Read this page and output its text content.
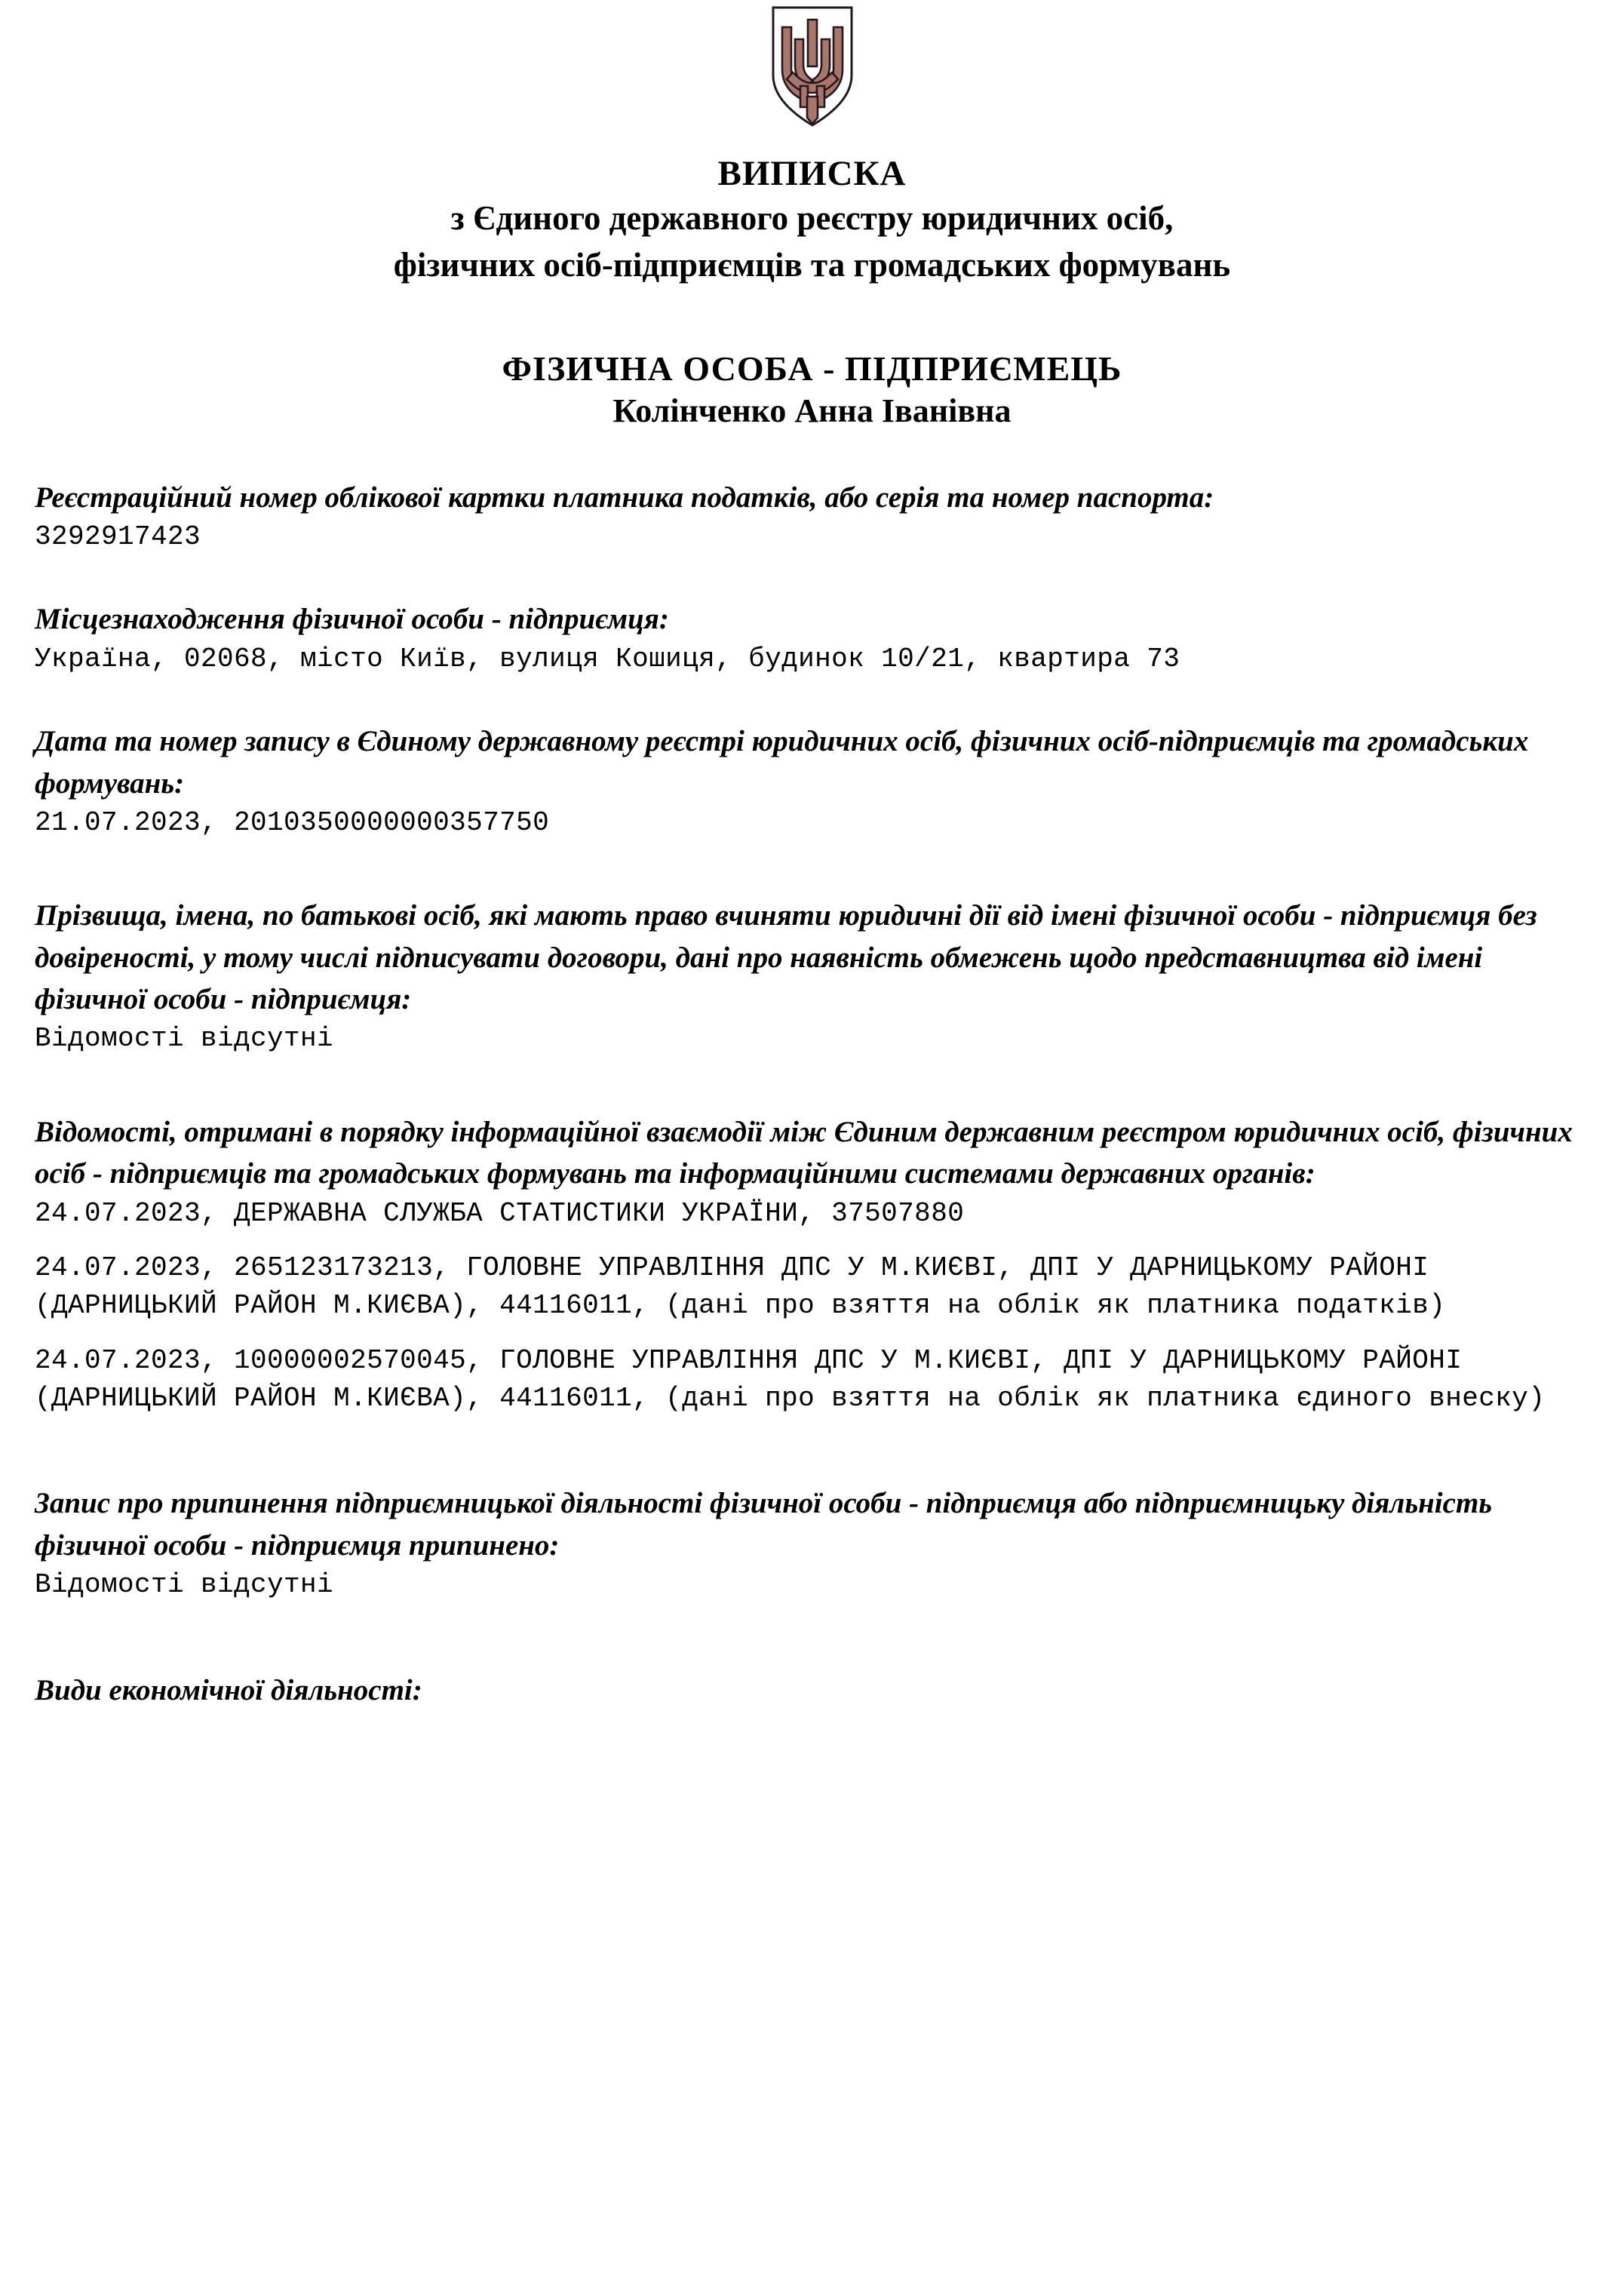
ВИПИСКА
з Єдиного державного реєстру юридичних осіб,
фізичних осіб-підприємців та громадських формувань
ФІЗИЧНА ОСОБА - ПІДПРИЄМЕЦЬ
Колінченко Анна Іванівна
Реєстраційний номер облікової картки платника податків, або серія та номер паспорта:
3292917423
Місцезнаходження фізичної особи - підприємця:
Україна, 02068, місто Київ, вулиця Кошиця, будинок 10/21, квартира 73
Дата та номер запису в Єдиному державному реєстрі юридичних осіб, фізичних осіб-підприємців та громадських формувань:
21.07.2023, 2010350000000357750
Прізвища, імена, по батькові осіб, які мають право вчиняти юридичні дії від імені фізичної особи - підприємця без довіреності, у тому числі підписувати договори, дані про наявність обмежень щодо представництва від імені фізичної особи - підприємця:
Відомості відсутні
Відомості, отримані в порядку інформаційної взаємодії між Єдиним державним реєстром юридичних осіб, фізичних осіб - підприємців та громадських формувань та інформаційними системами державних органів:
24.07.2023, ДЕРЖАВНА СЛУЖБА СТАТИСТИКИ УКРАЇНИ, 37507880
24.07.2023, 265123173213, ГОЛОВНЕ УПРАВЛІННЯ ДПС У М.КИЄВІ, ДПІ У ДАРНИЦЬКОМУ РАЙОНІ (ДАРНИЦЬКИЙ РАЙОН М.КИЄВА), 44116011, (дані про взяття на облік як платника податків)
24.07.2023, 10000002570045, ГОЛОВНЕ УПРАВЛІННЯ ДПС У М.КИЄВІ, ДПІ У ДАРНИЦЬКОМУ РАЙОНІ (ДАРНИЦЬКИЙ РАЙОН М.КИЄВА), 44116011, (дані про взяття на облік як платника єдиного внеску)
Запис про припинення підприємницької діяльності фізичної особи - підприємця або підприємницьку діяльність фізичної особи - підприємця припинено:
Відомості відсутні
Види економічної діяльності:
